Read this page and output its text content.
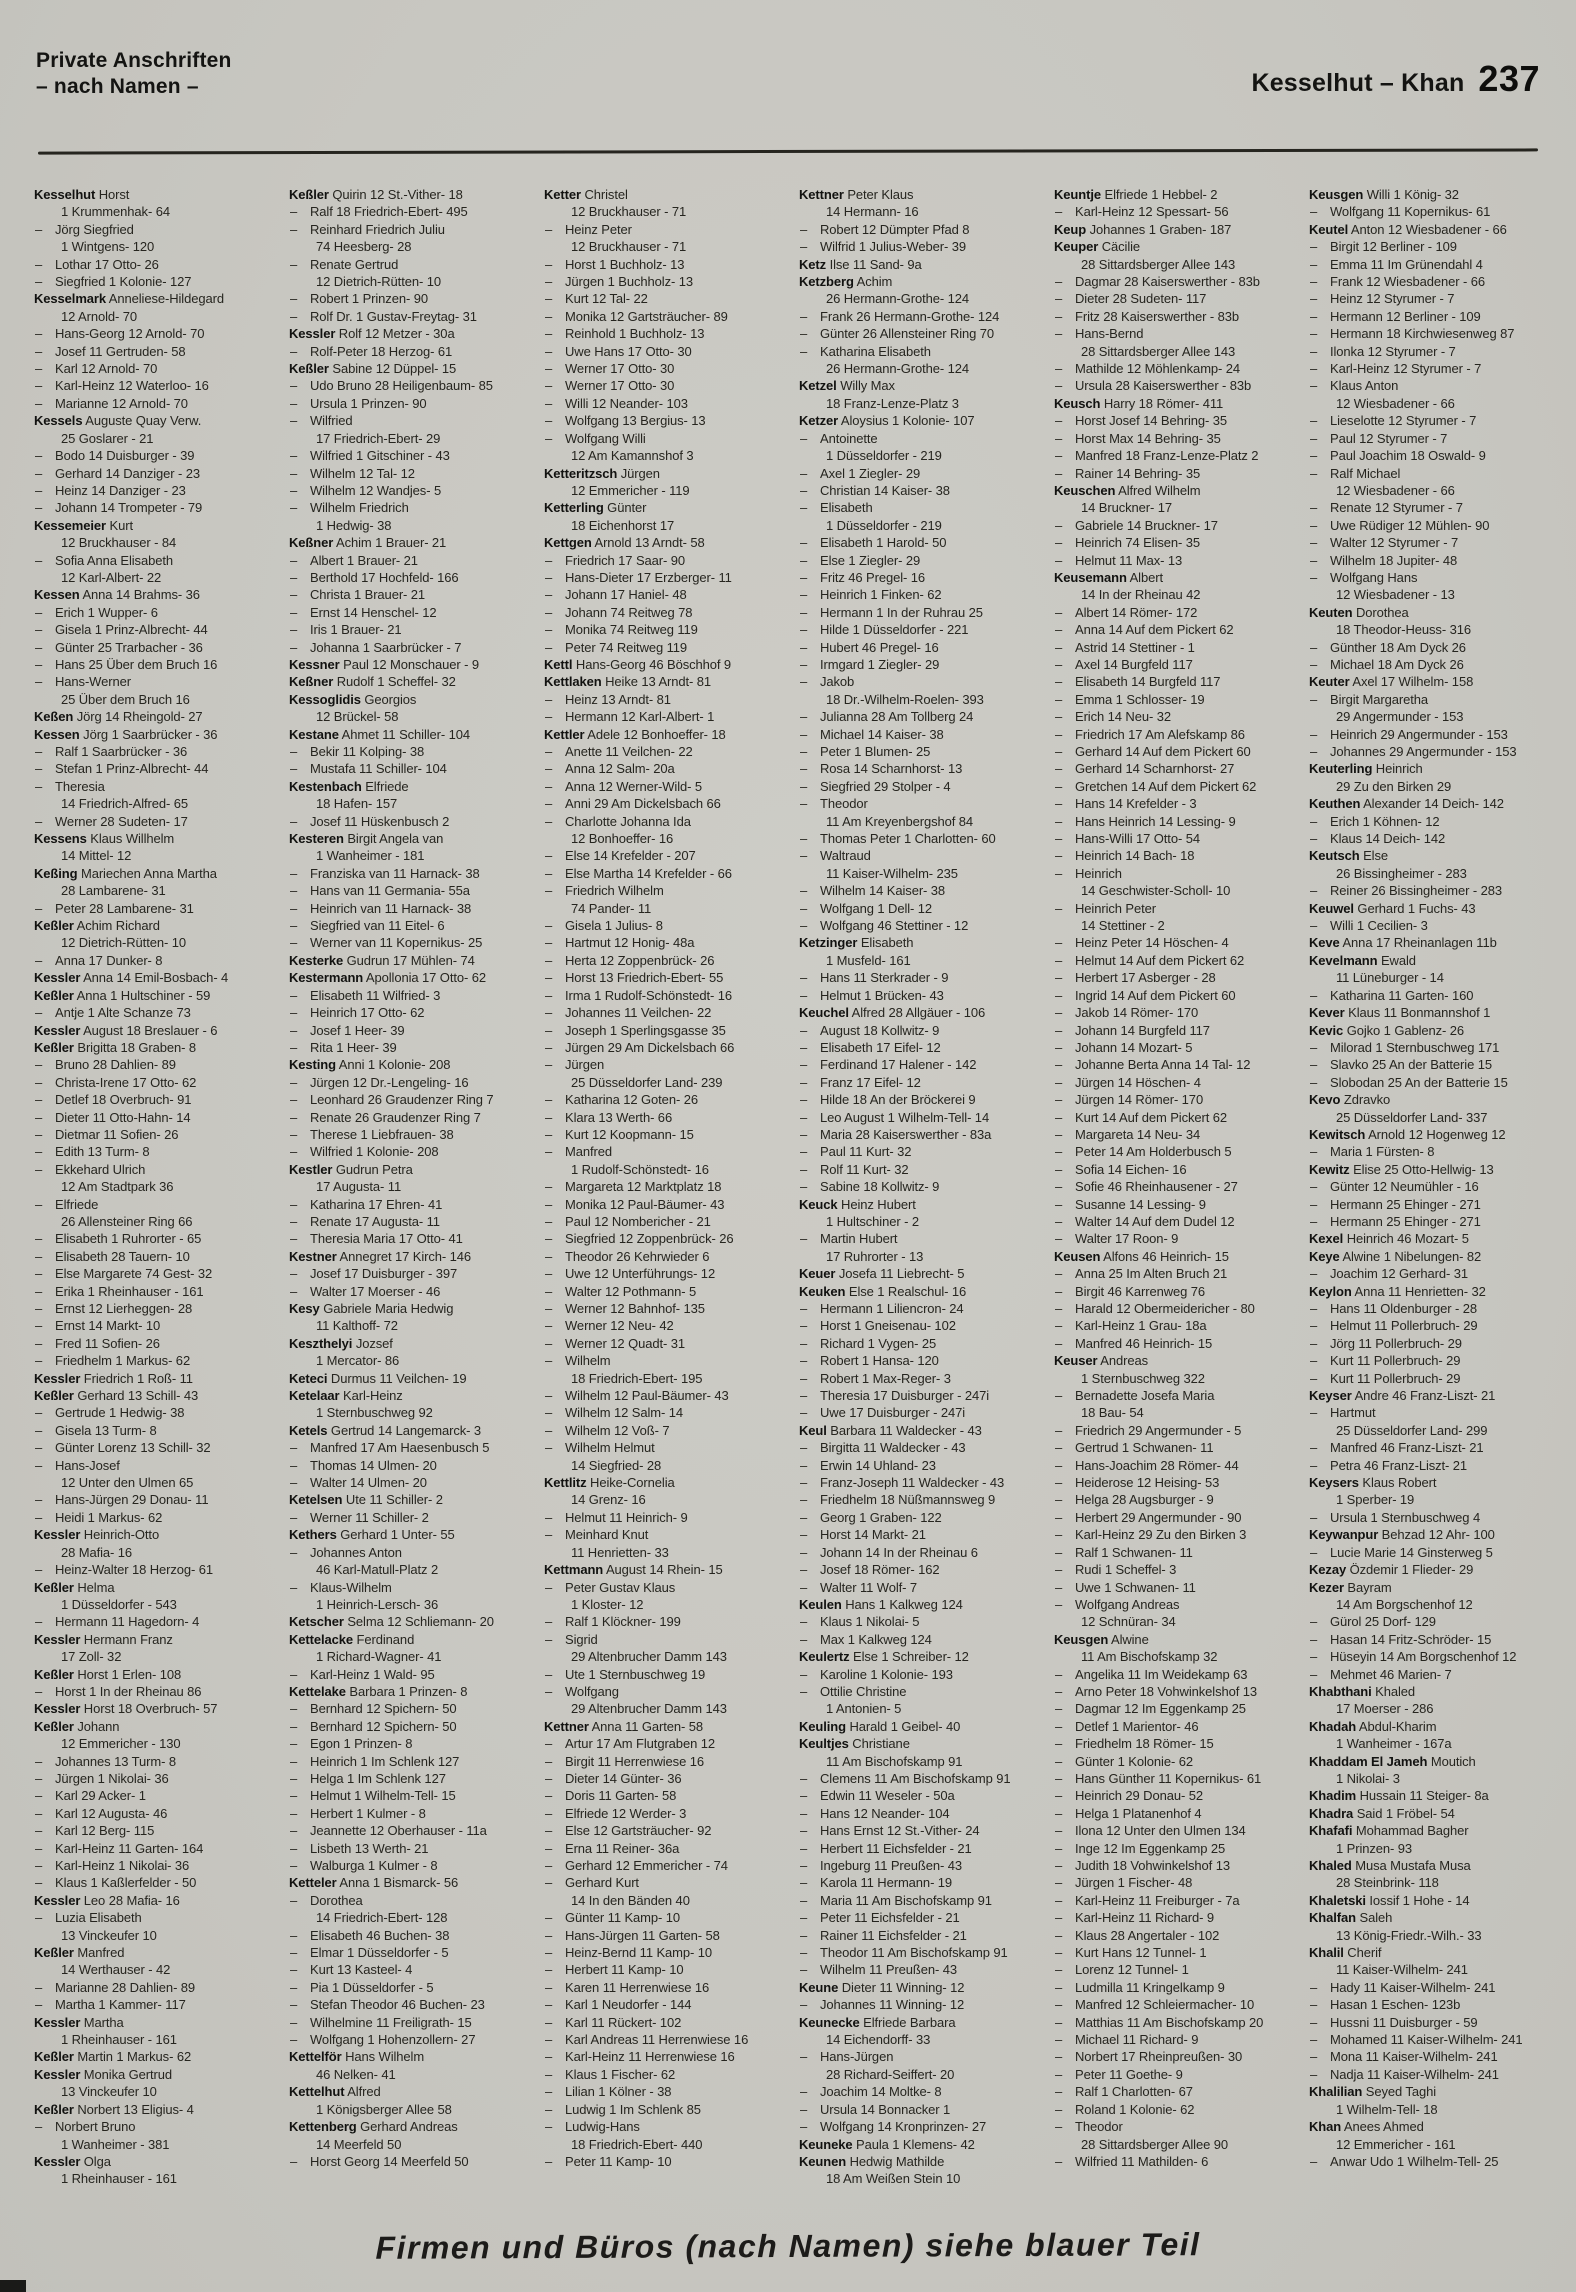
Private Anschriften
– nach Namen –	Kesselhut – Khan 237
Kesselhut Horst
1 Krummenhak- 64
– Jörg Siegfried
1 Wintgens- 120
– Lothar 17 Otto- 26
– Siegfried 1 Kolonie- 127
Kesselmark Anneliese-Hildegard
12 Arnold- 70
– Hans-Georg 12 Arnold- 70
– Josef 11 Gertruden- 58
– Karl 12 Arnold- 70
– Karl-Heinz 12 Waterloo- 16
– Marianne 12 Arnold- 70
Kessels Auguste Quay Verw.
25 Goslarer - 21
– Bodo 14 Duisburger - 39
– Gerhard 14 Danziger - 23
– Heinz 14 Danziger - 23
– Johann 14 Trompeter - 79
Kessemeier Kurt
12 Bruckhauser - 84
– Sofia Anna Elisabeth
12 Karl-Albert- 22
Kessen Anna 14 Brahms- 36
– Erich 1 Wupper- 6
– Gisela 1 Prinz-Albrecht- 44
– Günter 25 Trarbacher - 36
– Hans 25 Über dem Bruch 16
– Hans-Werner
25 Über dem Bruch 16
Keßen Jörg 14 Rheingold- 27
Kessen Jörg 1 Saarbrücker - 36
– Ralf 1 Saarbrücker - 36
– Stefan 1 Prinz-Albrecht- 44
– Theresia
14 Friedrich-Alfred- 65
– Werner 28 Sudeten- 17
Kessens Klaus Willhelm
14 Mittel- 12
Keßing Mariechen Anna Martha
28 Lambarene- 31
– Peter 28 Lambarene- 31
Keßler Achim Richard
12 Dietrich-Rütten- 10
– Anna 17 Dunker- 8
Kessler Anna 14 Emil-Bosbach- 4
Keßler Anna 1 Hultschiner - 59
– Antje 1 Alte Schanze 73
Kessler August 18 Breslauer - 6
Keßler Brigitta 18 Graben- 8
– Bruno 28 Dahlien- 89
– Christa-Irene 17 Otto- 62
– Detlef 18 Overbruch- 91
– Dieter 11 Otto-Hahn- 14
– Dietmar 11 Sofien- 26
– Edith 13 Turm- 8
– Ekkehard Ulrich
12 Am Stadtpark 36
– Elfriede
26 Allensteiner Ring 66
– Elisabeth 1 Ruhrorter - 65
– Elisabeth 28 Tauern- 10
– Else Margarete 74 Gest- 32
– Erika 1 Rheinhauser - 161
– Ernst 12 Lierheggen- 28
– Ernst 14 Markt- 10
– Fred 11 Sofien- 26
– Friedhelm 1 Markus- 62
Kessler Friedrich 1 Roß- 11
Keßler Gerhard 13 Schill- 43
– Gertrude 1 Hedwig- 38
– Gisela 13 Turm- 8
– Günter Lorenz 13 Schill- 32
– Hans-Josef
12 Unter den Ulmen 65
– Hans-Jürgen 29 Donau- 11
– Heidi 1 Markus- 62
Kessler Heinrich-Otto
28 Mafia- 16
– Heinz-Walter 18 Herzog- 61
Keßler Helma
1 Düsseldorfer - 543
– Hermann 11 Hagedorn- 4
Kessler Hermann Franz
17 Zoll- 32
Keßler Horst 1 Erlen- 108
– Horst 1 In der Rheinau 86
Kessler Horst 18 Overbruch- 57
Keßler Johann
12 Emmericher - 130
– Johannes 13 Turm- 8
– Jürgen 1 Nikolai- 36
– Karl 29 Acker- 1
– Karl 12 Augusta- 46
– Karl 12 Berg- 115
– Karl-Heinz 11 Garten- 164
– Karl-Heinz 1 Nikolai- 36
– Klaus 1 Kaßlerfelder - 50
Kessler Leo 28 Mafia- 16
– Luzia Elisabeth
13 Vinckeufer 10
Keßler Manfred
14 Werthauser - 42
– Marianne 28 Dahlien- 89
– Martha 1 Kammer- 117
Kessler Martha
1 Rheinhauser - 161
Keßler Martin 1 Markus- 62
Kessler Monika Gertrud
13 Vinckeufer 10
Keßler Norbert 13 Eligius- 4
– Norbert Bruno
1 Wanheimer - 381
Kessler Olga
1 Rheinhauser - 161
Keßler Quirin 12 St.-Vither- 18
– Ralf 18 Friedrich-Ebert- 495
– Reinhard Friedrich Juliu
74 Heesberg- 28
– Renate Gertrud
12 Dietrich-Rütten- 10
– Robert 1 Prinzen- 90
– Rolf Dr. 1 Gustav-Freytag- 31
Kessler Rolf 12 Metzer - 30a
– Rolf-Peter 18 Herzog- 61
Keßler Sabine 12 Düppel- 15
– Udo Bruno 28 Heiligenbaum- 85
– Ursula 1 Prinzen- 90
– Wilfried
17 Friedrich-Ebert- 29
– Wilfried 1 Gitschiner - 43
– Wilhelm 12 Tal- 12
– Wilhelm 12 Wandjes- 5
– Wilhelm Friedrich
1 Hedwig- 38
Keßner Achim 1 Brauer- 21
– Albert 1 Brauer- 21
– Berthold 17 Hochfeld- 166
– Christa 1 Brauer- 21
– Ernst 14 Henschel- 12
– Iris 1 Brauer- 21
– Johanna 1 Saarbrücker - 7
Kessner Paul 12 Monschauer - 9
Keßner Rudolf 1 Scheffel- 32
Kessoglidis Georgios
12 Brückel- 58
Kestane Ahmet 11 Schiller- 104
– Bekir 11 Kolping- 38
– Mustafa 11 Schiller- 104
Kestenbach Elfriede
18 Hafen- 157
– Josef 11 Hüskenbusch 2
Kesteren Birgit Angela van
1 Wanheimer - 181
– Franziska van 11 Harnack- 38
– Hans van 11 Germania- 55a
– Heinrich van 11 Harnack- 38
– Siegfried van 11 Eitel- 6
– Werner van 11 Kopernikus- 25
Kesterke Gudrun 17 Mühlen- 74
Kestermann Apollonia 17 Otto- 62
– Elisabeth 11 Wilfried- 3
– Heinrich 17 Otto- 62
– Josef 1 Heer- 39
– Rita 1 Heer- 39
Kesting Anni 1 Kolonie- 208
– Jürgen 12 Dr.-Lengeling- 16
– Leonhard 26 Graudenzer Ring 7
– Renate 26 Graudenzer Ring 7
– Therese 1 Liebfrauen- 38
– Wilfried 1 Kolonie- 208
Kestler Gudrun Petra
17 Augusta- 11
– Katharina 17 Ehren- 41
– Renate 17 Augusta- 11
– Theresia Maria 17 Otto- 41
Kestner Annegret 17 Kirch- 146
– Josef 17 Duisburger - 397
– Walter 17 Moerser - 46
Kesy Gabriele Maria Hedwig
11 Kalthoff- 72
Keszthelyi Jozsef
1 Mercator- 86
Keteci Durmus 11 Veilchen- 19
Ketelaar Karl-Heinz
1 Sternbuschweg 92
Ketels Gertrud 14 Langemarck- 3
– Manfred 17 Am Haesenbusch 5
– Thomas 14 Ulmen- 20
– Walter 14 Ulmen- 20
Ketelsen Ute 11 Schiller- 2
– Werner 11 Schiller- 2
Kethers Gerhard 1 Unter- 55
– Johannes Anton
46 Karl-Matull-Platz 2
– Klaus-Wilhelm
1 Heinrich-Lersch- 36
Ketscher Selma 12 Schliemann- 20
Kettelacke Ferdinand
1 Richard-Wagner- 41
– Karl-Heinz 1 Wald- 95
Kettelake Barbara 1 Prinzen- 8
– Bernhard 12 Spichern- 50
– Bernhard 12 Spichern- 50
– Egon 1 Prinzen- 8
– Heinrich 1 Im Schlenk 127
– Helga 1 Im Schlenk 127
– Helmut 1 Wilhelm-Tell- 15
– Herbert 1 Kulmer - 8
– Jeannette 12 Oberhauser - 11a
– Lisbeth 13 Werth- 21
– Walburga 1 Kulmer - 8
Ketteler Anna 1 Bismarck- 56
– Dorothea
14 Friedrich-Ebert- 128
– Elisabeth 46 Buchen- 38
– Elmar 1 Düsseldorfer - 5
– Kurt 13 Kasteel- 4
– Pia 1 Düsseldorfer - 5
– Stefan Theodor 46 Buchen- 23
– Wilhelmine 11 Freiligrath- 15
– Wolfgang 1 Hohenzollern- 27
Kettelför Hans Wilhelm
46 Nelken- 41
Kettelhut Alfred
1 Königsberger Allee 58
Kettenberg Gerhard Andreas
14 Meerfeld 50
– Horst Georg 14 Meerfeld 50
Ketter Christel
12 Bruckhauser - 71
– Heinz Peter
12 Bruckhauser - 71
– Horst 1 Buchholz- 13
– Jürgen 1 Buchholz- 13
– Kurt 12 Tal- 22
– Monika 12 Gartsträucher- 89
– Reinhold 1 Buchholz- 13
– Uwe Hans 17 Otto- 30
– Werner 17 Otto- 30
– Werner 17 Otto- 30
– Willi 12 Neander- 103
– Wolfgang 13 Bergius- 13
– Wolfgang Willi
12 Am Kamannshof 3
Ketteritzsch Jürgen
12 Emmericher - 119
Ketterling Günter
18 Eichenhorst 17
Kettgen Arnold 13 Arndt- 58
– Friedrich 17 Saar- 90
– Hans-Dieter 17 Erzberger- 11
– Johann 17 Haniel- 48
– Johann 74 Reitweg 78
– Monika 74 Reitweg 119
– Peter 74 Reitweg 119
Kettl Hans-Georg 46 Böschhof 9
Kettlaken Heike 13 Arndt- 81
– Heinz 13 Arndt- 81
– Hermann 12 Karl-Albert- 1
Kettler Adele 12 Bonhoeffer- 18
– Anette 11 Veilchen- 22
– Anna 12 Salm- 20a
– Anna 12 Werner-Wild- 5
– Anni 29 Am Dickelsbach 66
– Charlotte Johanna Ida
12 Bonhoeffer- 16
– Else 14 Krefelder - 207
– Else Martha 14 Krefelder - 66
– Friedrich Wilhelm
74 Pander- 11
– Gisela 1 Julius- 8
– Hartmut 12 Honig- 48a
– Herta 12 Zoppenbrück- 26
– Horst 13 Friedrich-Ebert- 55
– Irma 1 Rudolf-Schönstedt- 16
– Johannes 11 Veilchen- 22
– Joseph 1 Sperlingsgasse 35
– Jürgen 29 Am Dickelsbach 66
– Jürgen
25 Düsseldorfer Land- 239
– Katharina 12 Goten- 26
– Klara 13 Werth- 66
– Kurt 12 Koopmann- 15
– Manfred
1 Rudolf-Schönstedt- 16
– Margareta 12 Marktplatz 18
– Monika 12 Paul-Bäumer- 43
– Paul 12 Nombericher - 21
– Siegfried 12 Zoppenbrück- 26
– Theodor 26 Kehrwieder 6
– Uwe 12 Unterführungs- 12
– Walter 12 Pothmann- 5
– Werner 12 Bahnhof- 135
– Werner 12 Neu- 42
– Werner 12 Quadt- 31
– Wilhelm
18 Friedrich-Ebert- 195
– Wilhelm 12 Paul-Bäumer- 43
– Wilhelm 12 Salm- 14
– Wilhelm 12 Voß- 7
– Wilhelm Helmut
14 Siegfried- 28
Kettlitz Heike-Cornelia
14 Grenz- 16
– Helmut 11 Heinrich- 9
– Meinhard Knut
11 Henrietten- 33
Kettmann August 14 Rhein- 15
– Peter Gustav Klaus
1 Kloster- 12
– Ralf 1 Klöckner- 199
– Sigrid
29 Altenbrucher Damm 143
– Ute 1 Sternbuschweg 19
– Wolfgang
29 Altenbrucher Damm 143
Kettner Anna 11 Garten- 58
– Artur 17 Am Flutgraben 12
– Birgit 11 Herrenwiese 16
– Dieter 14 Günter- 36
– Doris 11 Garten- 58
– Elfriede 12 Werder- 3
– Else 12 Gartsträucher- 92
– Erna 11 Reiner- 36a
– Gerhard 12 Emmericher - 74
– Gerhard Kurt
14 In den Bänden 40
– Günter 11 Kamp- 10
– Hans-Jürgen 11 Garten- 58
– Heinz-Bernd 11 Kamp- 10
– Herbert 11 Kamp- 10
– Karen 11 Herrenwiese 16
– Karl 1 Neudorfer - 144
– Karl 11 Rückert- 102
– Karl Andreas 11 Herrenwiese 16
– Karl-Heinz 11 Herrenwiese 16
– Klaus 1 Fischer- 62
– Lilian 1 Kölner - 38
– Ludwig 1 Im Schlenk 85
– Ludwig-Hans
18 Friedrich-Ebert- 440
– Peter 11 Kamp- 10
Kettner Peter Klaus
14 Hermann- 16
– Robert 12 Dümpter Pfad 8
– Wilfrid 1 Julius-Weber- 39
Ketz Ilse 11 Sand- 9a
Ketzberg Achim
26 Hermann-Grothe- 124
– Frank 26 Hermann-Grothe- 124
– Günter 26 Allensteiner Ring 70
– Katharina Elisabeth
26 Hermann-Grothe- 124
Ketzel Willy Max
18 Franz-Lenze-Platz 3
Ketzer Aloysius 1 Kolonie- 107
– Antoinette
1 Düsseldorfer - 219
– Axel 1 Ziegler- 29
– Christian 14 Kaiser- 38
– Elisabeth
1 Düsseldorfer - 219
– Elisabeth 1 Harold- 50
– Else 1 Ziegler- 29
– Fritz 46 Pregel- 16
– Heinrich 1 Finken- 62
– Hermann 1 In der Ruhrau 25
– Hilde 1 Düsseldorfer - 221
– Hubert 46 Pregel- 16
– Irmgard 1 Ziegler- 29
– Jakob
18 Dr.-Wilhelm-Roelen- 393
– Julianna 28 Am Tollberg 24
– Michael 14 Kaiser- 38
– Peter 1 Blumen- 25
– Rosa 14 Scharnhorst- 13
– Siegfried 29 Stolper - 4
– Theodor
11 Am Kreyenbergshof 84
– Thomas Peter 1 Charlotten- 60
– Waltraud
11 Kaiser-Wilhelm- 235
– Wilhelm 14 Kaiser- 38
– Wolfgang 1 Dell- 12
– Wolfgang 46 Stettiner - 12
Ketzinger Elisabeth
1 Musfeld- 161
– Hans 11 Sterkrader - 9
– Helmut 1 Brücken- 43
Keuchel Alfred 28 Allgäuer - 106
– August 18 Kollwitz- 9
– Elisabeth 17 Eifel- 12
– Ferdinand 17 Halener - 142
– Franz 17 Eifel- 12
– Hilde 18 An der Bröckerei 9
– Leo August 1 Wilhelm-Tell- 14
– Maria 28 Kaiserswerther - 83a
– Paul 11 Kurt- 32
– Rolf 11 Kurt- 32
– Sabine 18 Kollwitz- 9
Keuck Heinz Hubert
1 Hultschiner - 2
– Martin Hubert
17 Ruhrorter - 13
Keuer Josefa 11 Liebrecht- 5
Keuken Else 1 Realschul- 16
– Hermann 1 Liliencron- 24
– Horst 1 Gneisenau- 102
– Richard 1 Vygen- 25
– Robert 1 Hansa- 120
– Robert 1 Max-Reger- 3
– Theresia 17 Duisburger - 247i
– Uwe 17 Duisburger - 247i
Keul Barbara 11 Waldecker - 43
– Birgitta 11 Waldecker - 43
– Erwin 14 Uhland- 23
– Franz-Joseph 11 Waldecker - 43
– Friedhelm 18 Nüßmannsweg 9
– Georg 1 Graben- 122
– Horst 14 Markt- 21
– Johann 14 In der Rheinau 6
– Josef 18 Römer- 162
– Walter 11 Wolf- 7
Keulen Hans 1 Kalkweg 124
– Klaus 1 Nikolai- 5
– Max 1 Kalkweg 124
Keulertz Else 1 Schreiber- 12
– Karoline 1 Kolonie- 193
– Ottilie Christine
1 Antonien- 5
Keuling Harald 1 Geibel- 40
Keultjes Christiane
11 Am Bischofskamp 91
– Clemens 11 Am Bischofskamp 91
– Edwin 11 Weseler - 50a
– Hans 12 Neander- 104
– Hans Ernst 12 St.-Vither- 24
– Herbert 11 Eichsfelder - 21
– Ingeburg 11 Preußen- 43
– Karola 11 Hermann- 19
– Maria 11 Am Bischofskamp 91
– Peter 11 Eichsfelder - 21
– Rainer 11 Eichsfelder - 21
– Theodor 11 Am Bischofskamp 91
– Wilhelm 11 Preußen- 43
Keune Dieter 11 Winning- 12
– Johannes 11 Winning- 12
Keunecke Elfriede Barbara
14 Eichendorff- 33
– Hans-Jürgen
28 Richard-Seiffert- 20
– Joachim 14 Moltke- 8
– Ursula 14 Bonnacker 1
– Wolfgang 14 Kronprinzen- 27
Keuneke Paula 1 Klemens- 42
Keunen Hedwig Mathilde
18 Am Weißen Stein 10
Keuntje Elfriede 1 Hebbel- 2
– Karl-Heinz 12 Spessart- 56
Keup Johannes 1 Graben- 187
Keuper Cäcilie
28 Sittardsberger Allee 143
– Dagmar 28 Kaiserswerther - 83b
– Dieter 28 Sudeten- 117
– Fritz 28 Kaiserswerther - 83b
– Hans-Bernd
28 Sittardsberger Allee 143
– Mathilde 12 Möhlenkamp- 24
– Ursula 28 Kaiserswerther - 83b
Keusch Harry 18 Römer- 411
– Horst Josef 14 Behring- 35
– Horst Max 14 Behring- 35
– Manfred 18 Franz-Lenze-Platz 2
– Rainer 14 Behring- 35
Keuschen Alfred Wilhelm
14 Bruckner- 17
– Gabriele 14 Bruckner- 17
– Heinrich 74 Elisen- 35
– Helmut 11 Max- 13
Keusemann Albert
14 In der Rheinau 42
– Albert 14 Römer- 172
– Anna 14 Auf dem Pickert 62
– Astrid 14 Stettiner - 1
– Axel 14 Burgfeld 117
– Elisabeth 14 Burgfeld 117
– Emma 1 Schlosser- 19
– Erich 14 Neu- 32
– Friedrich 17 Am Alefskamp 86
– Gerhard 14 Auf dem Pickert 60
– Gerhard 14 Scharnhorst- 27
– Gretchen 14 Auf dem Pickert 62
– Hans 14 Krefelder - 3
– Hans Heinrich 14 Lessing- 9
– Hans-Willi 17 Otto- 54
– Heinrich 14 Bach- 18
– Heinrich
14 Geschwister-Scholl- 10
– Heinrich Peter
14 Stettiner - 2
– Heinz Peter 14 Höschen- 4
– Helmut 14 Auf dem Pickert 62
– Herbert 17 Asberger - 28
– Ingrid 14 Auf dem Pickert 60
– Jakob 14 Römer- 170
– Johann 14 Burgfeld 117
– Johann 14 Mozart- 5
– Johanne Berta Anna 14 Tal- 12
– Jürgen 14 Höschen- 4
– Jürgen 14 Römer- 170
– Kurt 14 Auf dem Pickert 62
– Margareta 14 Neu- 34
– Peter 14 Am Holderbusch 5
– Sofia 14 Eichen- 16
– Sofie 46 Rheinhausener - 27
– Susanne 14 Lessing- 9
– Walter 14 Auf dem Dudel 12
– Walter 17 Roon- 9
Keusen Alfons 46 Heinrich- 15
– Anna 25 Im Alten Bruch 21
– Birgit 46 Karrenweg 76
– Harald 12 Obermeidericher - 80
– Karl-Heinz 1 Grau- 18a
– Manfred 46 Heinrich- 15
Keuser Andreas
1 Sternbuschweg 322
– Bernadette Josefa Maria
18 Bau- 54
– Friedrich 29 Angermunder - 5
– Gertrud 1 Schwanen- 11
– Hans-Joachim 28 Römer- 44
– Heiderose 12 Heising- 53
– Helga 28 Augsburger - 9
– Herbert 29 Angermunder - 90
– Karl-Heinz 29 Zu den Birken 3
– Ralf 1 Schwanen- 11
– Rudi 1 Scheffel- 3
– Uwe 1 Schwanen- 11
– Wolfgang Andreas
12 Schnüran- 34
Keusgen Alwine
11 Am Bischofskamp 32
– Angelika 11 Im Weidekamp 63
– Arno Peter 18 Vohwinkelshof 13
– Dagmar 12 Im Eggenkamp 25
– Detlef 1 Marientor- 46
– Friedhelm 18 Römer- 15
– Günter 1 Kolonie- 62
– Hans Günther 11 Kopernikus- 61
– Heinrich 29 Donau- 52
– Helga 1 Platanenhof 4
– Ilona 12 Unter den Ulmen 134
– Inge 12 Im Eggenkamp 25
– Judith 18 Vohwinkelshof 13
– Jürgen 1 Fischer- 48
– Karl-Heinz 11 Freiburger - 7a
– Karl-Heinz 11 Richard- 9
– Klaus 28 Angertaler - 102
– Kurt Hans 12 Tunnel- 1
– Lorenz 12 Tunnel- 1
– Ludmilla 11 Kringelkamp 9
– Manfred 12 Schleiermacher- 10
– Matthias 11 Am Bischofskamp 20
– Michael 11 Richard- 9
– Norbert 17 Rheinpreußen- 30
– Peter 11 Goethe- 9
– Ralf 1 Charlotten- 67
– Roland 1 Kolonie- 62
– Theodor
28 Sittardsberger Allee 90
– Wilfried 11 Mathilden- 6
Keusgen Willi 1 König- 32
– Wolfgang 11 Kopernikus- 61
Keutel Anton 12 Wiesbadener - 66
– Birgit 12 Berliner - 109
– Emma 11 Im Grünendahl 4
– Frank 12 Wiesbadener - 66
– Heinz 12 Styrumer - 7
– Hermann 12 Berliner - 109
– Hermann 18 Kirchwiesenweg 87
– Ilonka 12 Styrumer - 7
– Karl-Heinz 12 Styrumer - 7
– Klaus Anton
12 Wiesbadener - 66
– Lieselotte 12 Styrumer - 7
– Paul 12 Styrumer - 7
– Paul Joachim 18 Oswald- 9
– Ralf Michael
12 Wiesbadener - 66
– Renate 12 Styrumer - 7
– Uwe Rüdiger 12 Mühlen- 90
– Walter 12 Styrumer - 7
– Wilhelm 18 Jupiter- 48
– Wolfgang Hans
12 Wiesbadener - 13
Keuten Dorothea
18 Theodor-Heuss- 316
– Günther 18 Am Dyck 26
– Michael 18 Am Dyck 26
Keuter Axel 17 Wilhelm- 158
– Birgit Margaretha
29 Angermunder - 153
– Heinrich 29 Angermunder - 153
– Johannes 29 Angermunder - 153
Keuterling Heinrich
29 Zu den Birken 29
Keuthen Alexander 14 Deich- 142
– Erich 1 Köhnen- 12
– Klaus 14 Deich- 142
Keutsch Else
26 Bissingheimer - 283
– Reiner 26 Bissingheimer - 283
Keuwel Gerhard 1 Fuchs- 43
– Willi 1 Cecilien- 3
Keve Anna 17 Rheinanlagen 11b
Kevelmann Ewald
11 Lüneburger - 14
– Katharina 11 Garten- 160
Kever Klaus 11 Bonmannshof 1
Kevic Gojko 1 Gablenz- 26
– Milorad 1 Sternbuschweg 171
– Slavko 25 An der Batterie 15
– Slobodan 25 An der Batterie 15
Kevo Zdravko
25 Düsseldorfer Land- 337
Kewitsch Arnold 12 Hogenweg 12
– Maria 1 Fürsten- 8
Kewitz Elise 25 Otto-Hellwig- 13
– Günter 12 Neumühler - 16
– Hermann 25 Ehinger - 271
– Hermann 25 Ehinger - 271
Kexel Heinrich 46 Mozart- 5
Keye Alwine 1 Nibelungen- 82
– Joachim 12 Gerhard- 31
Keylon Anna 11 Henrietten- 32
– Hans 11 Oldenburger - 28
– Helmut 11 Pollerbruch- 29
– Jörg 11 Pollerbruch- 29
– Kurt 11 Pollerbruch- 29
– Kurt 11 Pollerbruch- 29
Keyser Andre 46 Franz-Liszt- 21
– Hartmut
25 Düsseldorfer Land- 299
– Manfred 46 Franz-Liszt- 21
– Petra 46 Franz-Liszt- 21
Keysers Klaus Robert
1 Sperber- 19
– Ursula 1 Sternbuschweg 4
Keywanpur Behzad 12 Ahr- 100
– Lucie Marie 14 Ginsterweg 5
Kezay Özdemir 1 Flieder- 29
Kezer Bayram
14 Am Borgschenhof 12
– Gürol 25 Dorf- 129
– Hasan 14 Fritz-Schröder- 15
– Hüseyin 14 Am Borgschenhof 12
– Mehmet 46 Marien- 7
Khabthani Khaled
17 Moerser - 286
Khadah Abdul-Kharim
1 Wanheimer - 167a
Khaddam El Jameh Moutich
1 Nikolai- 3
Khadim Hussain 11 Steiger- 8a
Khadra Said 1 Fröbel- 54
Khafafi Mohammad Bagher
1 Prinzen- 93
Khaled Musa Mustafa Musa
28 Steinbrink- 118
Khaletski Iossif 1 Hohe - 14
Khalfan Saleh
13 König-Friedr.-Wilh.- 33
Khalil Cherif
11 Kaiser-Wilhelm- 241
– Hady 11 Kaiser-Wilhelm- 241
– Hasan 1 Eschen- 123b
– Hussni 11 Duisburger - 59
– Mohamed 11 Kaiser-Wilhelm- 241
– Mona 11 Kaiser-Wilhelm- 241
– Nadja 11 Kaiser-Wilhelm- 241
Khalilian Seyed Taghi
1 Wilhelm-Tell- 18
Khan Anees Ahmed
12 Emmericher - 161
– Anwar Udo 1 Wilhelm-Tell- 25
Firmen und Büros (nach Namen) siehe blauer Teil
